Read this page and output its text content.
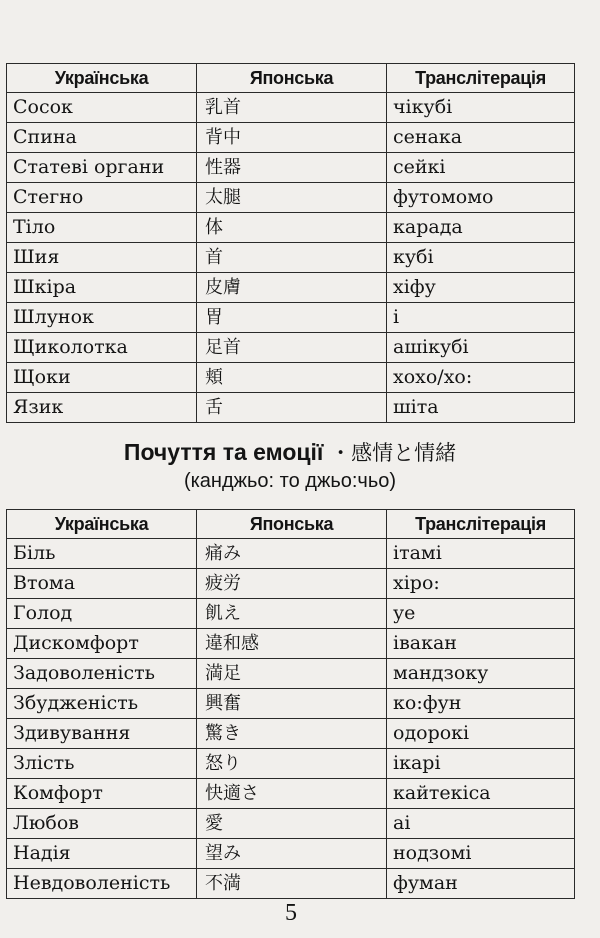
Українська	Японська	Транслітерація
Сосок	乳首	чікубі
Спина	背中	сенака
Статеві органи	性器	сейкі
Стегно	太腿	футомомо
Тіло	体	карада
Шия	首	кубі
Шкіра	皮膚	хіфу
Шлунок	胃	і
Щиколотка	足首	ашікубі
Щоки	頬	хохо/хо:
Язик	舌	шіта
Почуття та емоції ・感情と情緒
(канджьо: то джьо:чьо)
Українська	Японська	Транслітерація
Біль	痛み	ітамі
Втома	疲労	хіро:
Голод	飢え	уе
Дискомфорт	違和感	івакан
Задоволеність	満足	мандзоку
Збудженість	興奮	ко:фун
Здивування	驚き	одорокі
Злість	怒り	ікарі
Комфорт	快適さ	кайтекіса
Любов	愛	аі
Надія	望み	нодзомі
Невдоволеність	不満	фуман
5
